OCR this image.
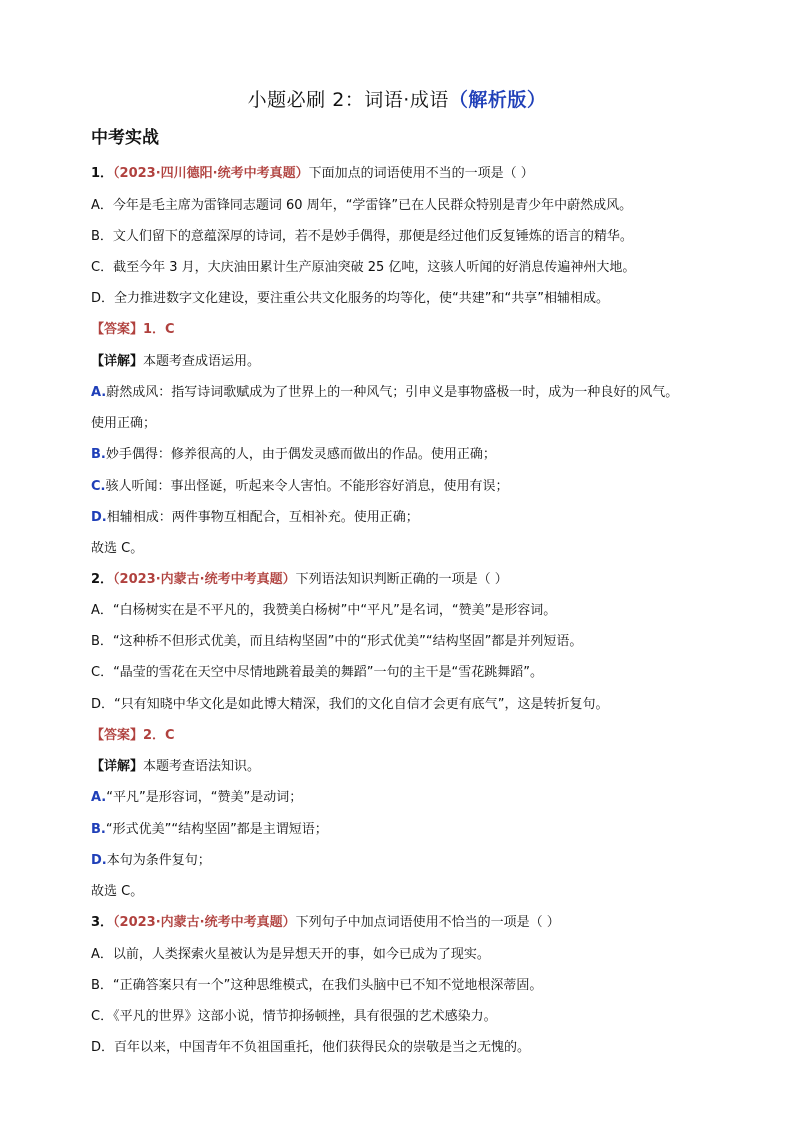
小题必刷 2：词语·成语（解析版）
中考实战
1．（2023·四川德阳·统考中考真题）下面加点的词语使用不当的一项是（ ）
A．今年是毛主席为雷锋同志题词 60 周年，“学雷锋”已在人民群众特别是青少年中蔚然成风。
B．文人们留下的意蕴深厚的诗词，若不是妙手偶得，那便是经过他们反复锤炼的语言的精华。
C．截至今年 3 月，大庆油田累计生产原油突破 25 亿吨，这骇人听闻的好消息传遍神州大地。
D．全力推进数字文化建设，要注重公共文化服务的均等化，使“共建”和“共享”相辅相成。
【答案】1．C
【详解】本题考查成语运用。
A.蔚然成风：指写诗词歌赋成为了世界上的一种风气；引申义是事物盛极一时，成为一种良好的风气。
使用正确；
B.妙手偶得：修养很高的人，由于偶发灵感而做出的作品。使用正确；
C.骇人听闻：事出怪诞，听起来令人害怕。不能形容好消息，使用有误；
D.相辅相成：两件事物互相配合，互相补充。使用正确；
故选 C。
2．（2023·内蒙古·统考中考真题）下列语法知识判断正确的一项是（ ）
A．“白杨树实在是不平凡的，我赞美白杨树”中“平凡”是名词，“赞美”是形容词。
B．“这种桥不但形式优美，而且结构坚固”中的“形式优美”“结构坚固”都是并列短语。
C．“晶莹的雪花在天空中尽情地跳着最美的舞蹈”一句的主干是“雪花跳舞蹈”。
D．“只有知晓中华文化是如此博大精深，我们的文化自信才会更有底气”，这是转折复句。
【答案】2．C
【详解】本题考查语法知识。
A.“平凡”是形容词，“赞美”是动词；
B.“形式优美”“结构坚固”都是主谓短语；
D.本句为条件复句；
故选 C。
3．（2023·内蒙古·统考中考真题）下列句子中加点词语使用不恰当的一项是（ ）
A．以前，人类探索火星被认为是异想天开的事，如今已成为了现实。
B．“正确答案只有一个”这种思维模式，在我们头脑中已不知不觉地根深蒂固。
C．《平凡的世界》这部小说，情节抑扬顿挫，具有很强的艺术感染力。
D．百年以来，中国青年不负祖国重托，他们获得民众的崇敬是当之无愧的。
